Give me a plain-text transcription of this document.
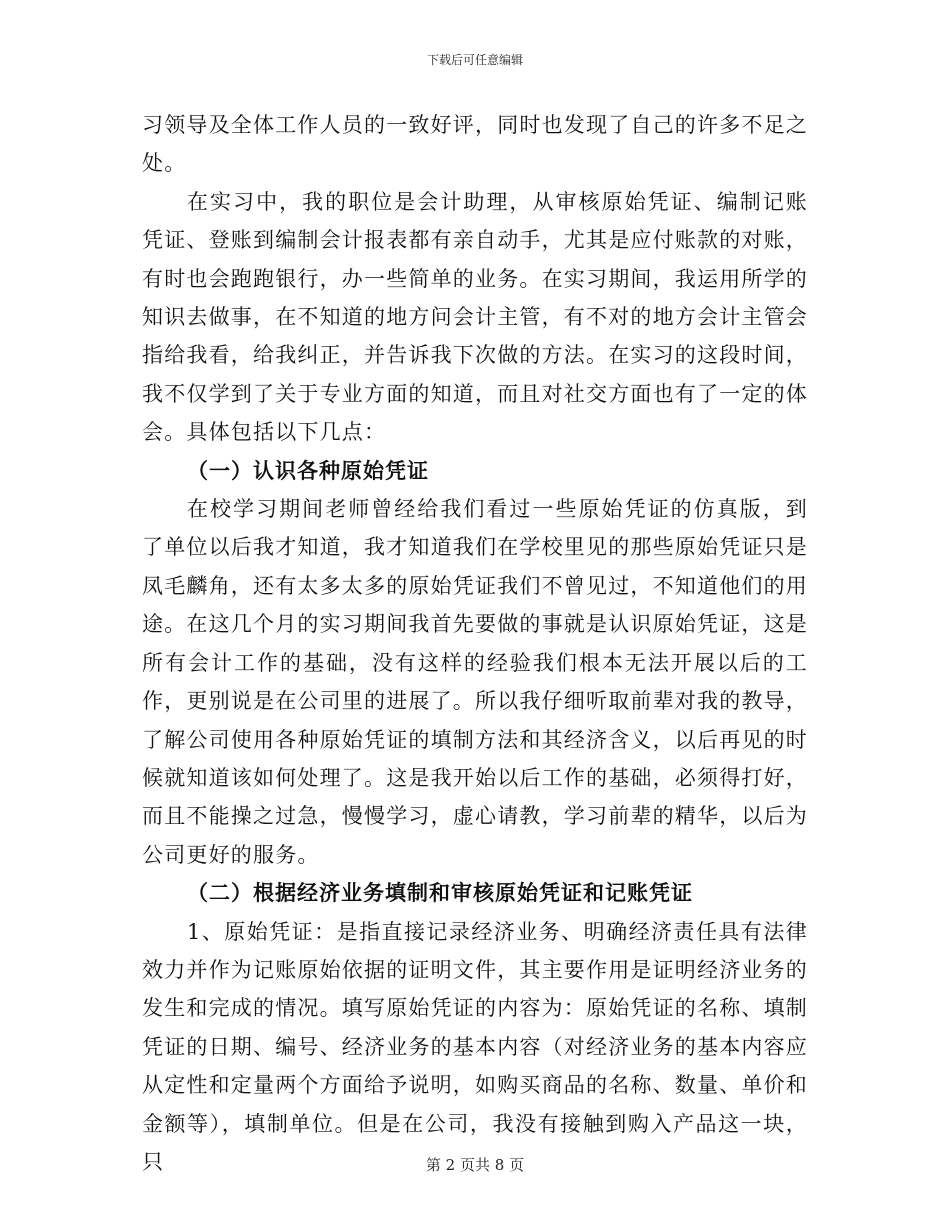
下载后可任意编辑

习领导及全体工作人员的一致好评，同时也发现了自己的许多不足之处。

在实习中，我的职位是会计助理，从审核原始凭证、编制记账凭证、登账到编制会计报表都有亲自动手，尤其是应付账款的对账，有时也会跑跑银行，办一些简单的业务。在实习期间，我运用所学的知识去做事，在不知道的地方问会计主管，有不对的地方会计主管会指给我看，给我纠正，并告诉我下次做的方法。在实习的这段时间，我不仅学到了关于专业方面的知道，而且对社交方面也有了一定的体会。具体包括以下几点：

（一）认识各种原始凭证

在校学习期间老师曾经给我们看过一些原始凭证的仿真版，到了单位以后我才知道，我才知道我们在学校里见的那些原始凭证只是凤毛麟角，还有太多太多的原始凭证我们不曾见过，不知道他们的用途。在这几个月的实习期间我首先要做的事就是认识原始凭证，这是所有会计工作的基础，没有这样的经验我们根本无法开展以后的工作，更别说是在公司里的进展了。所以我仔细听取前辈对我的教导，了解公司使用各种原始凭证的填制方法和其经济含义，以后再见的时候就知道该如何处理了。这是我开始以后工作的基础，必须得打好，而且不能操之过急，慢慢学习，虚心请教，学习前辈的精华，以后为公司更好的服务。

（二）根据经济业务填制和审核原始凭证和记账凭证

1、原始凭证：是指直接记录经济业务、明确经济责任具有法律效力并作为记账原始依据的证明文件，其主要作用是证明经济业务的发生和完成的情况。填写原始凭证的内容为：原始凭证的名称、填制凭证的日期、编号、经济业务的基本内容（对经济业务的基本内容应从定性和定量两个方面给予说明，如购买商品的名称、数量、单价和金额等），填制单位。但是在公司，我没有接触到购入产品这一块，只	第 2 页共 8 页
